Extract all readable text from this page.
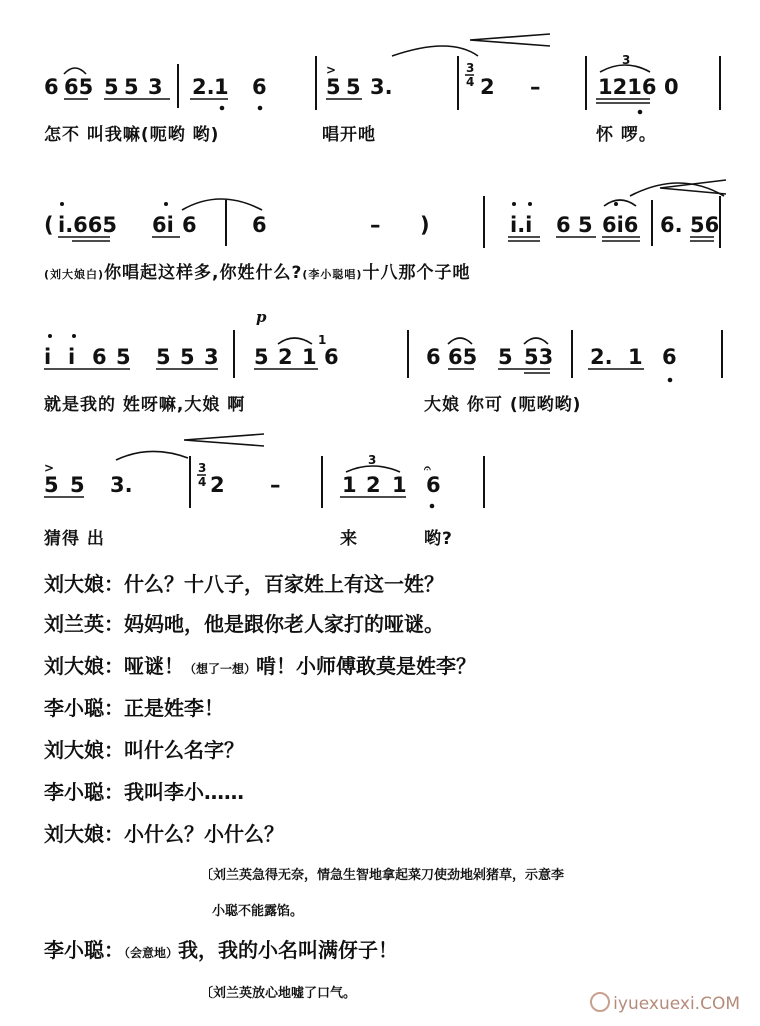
6 65 5 5 3 2. 1 6
>
5 5 3.
3
4 2 –
3
1216 0
( i.665 6i 6	6	– )	i.i 6 5 6i6 6. 56
i i 6 5 5 5 3
p
5 2 1
1
6	6 65 5 53 2. 1 6
>
5 5 3.
3
4 2 –
3
1 2 1
𝄐
6
怎不 叫我嘛(呃哟 哟)	唱开吔	怀 啰。
(刘大娘白)你唱起这样多,你姓什么?(李小聪唱)十八那个子吔
就是我的 姓呀嘛,大娘 啊	大娘 你可 (呃哟哟)
猜得 出	来	哟?
刘大娘：什么？十八子，百家姓上有这一姓？
刘兰英：妈妈吔，他是跟你老人家打的哑谜。
刘大娘：哑谜！（想了一想）啃！小师傅敢莫是姓李？
李小聪：正是姓李！
刘大娘：叫什么名字？
李小聪：我叫李小……
刘大娘：小什么？小什么？
〔刘兰英急得无奈，情急生智地拿起菜刀使劲地剁猪草，示意李
小聪不能露馅。
李小聪：（会意地）我，我的小名叫满伢子！
〔刘兰英放心地嘘了口气。
iyuexuexi.COM
